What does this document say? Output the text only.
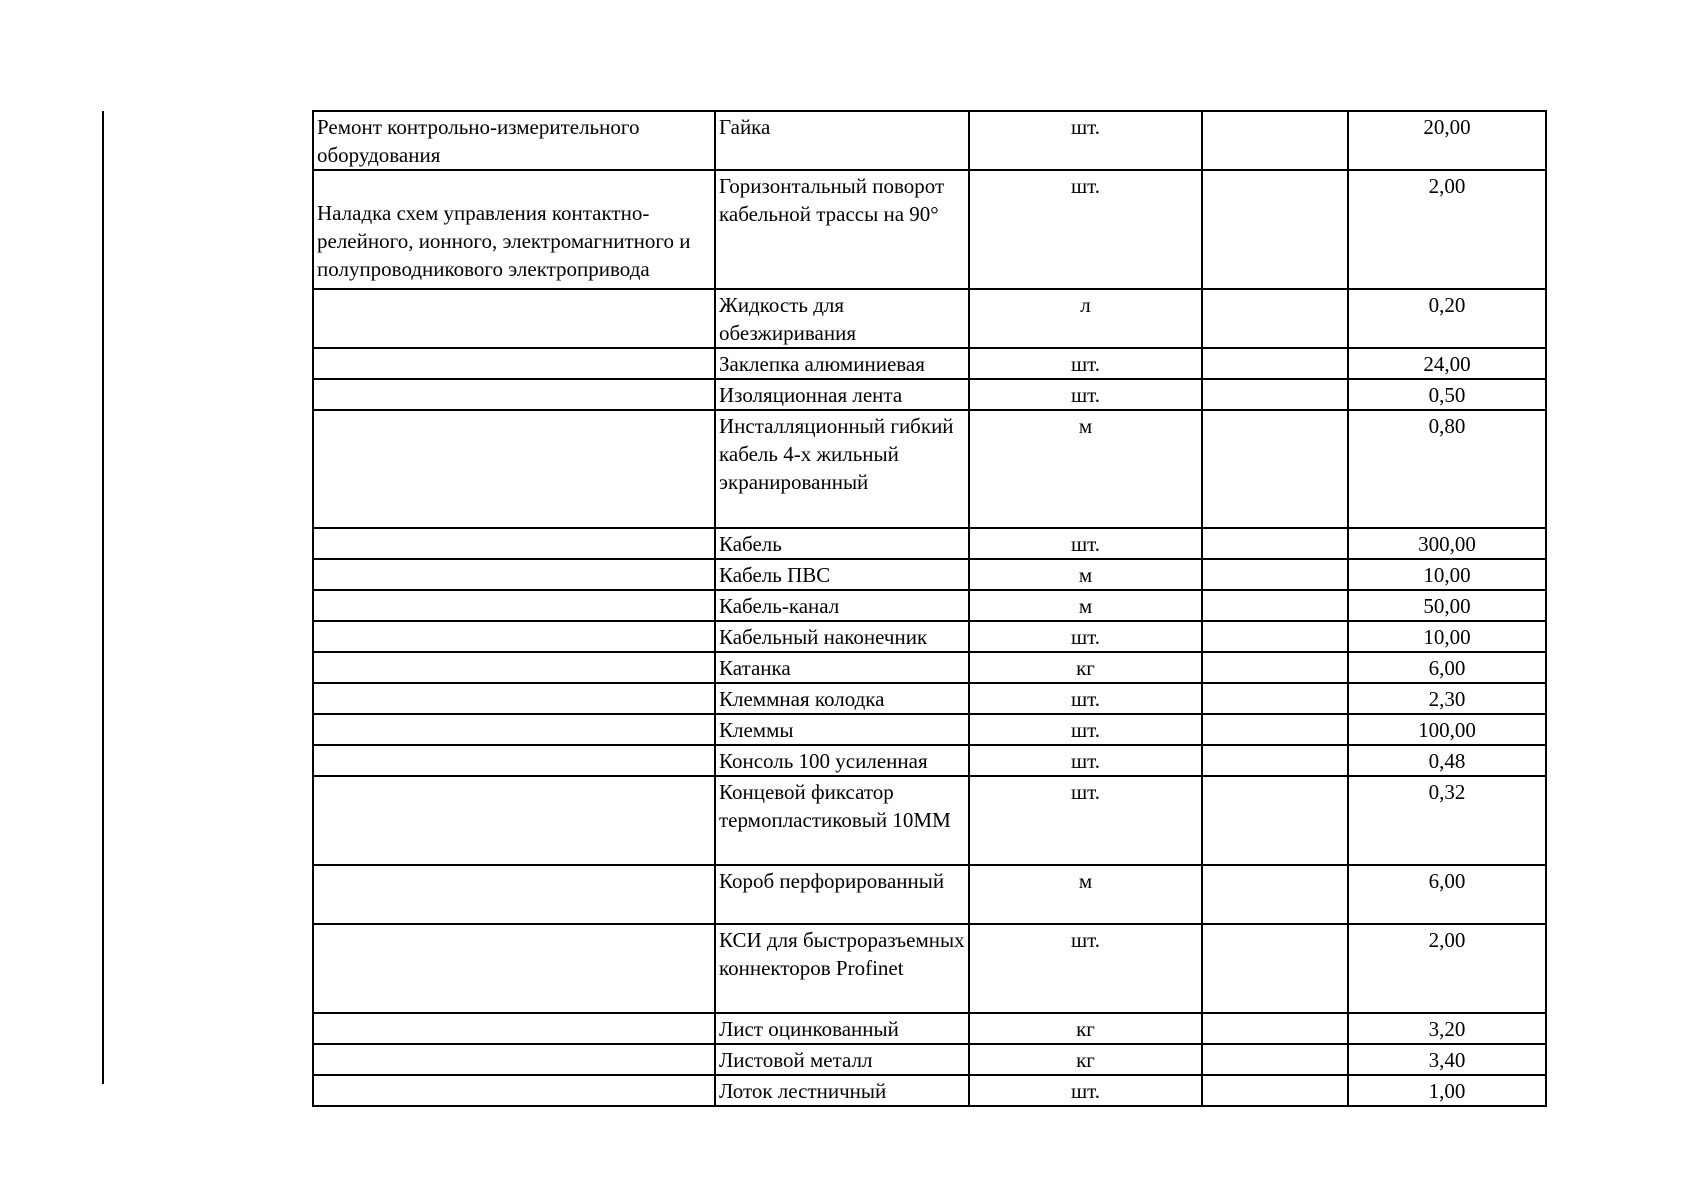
Ремонт контрольно-измерительного оборудования	Гайка	шт.		20,00

Наладка схем управления контактно-релейного, ионного, электромагнитного и полупроводникового электропривода	Горизонтальный поворот кабельной трассы на 90°	шт.		2,00

	Жидкость для обезжиривания	л		0,20

	Заклепка алюминиевая	шт.		24,00

	Изоляционная лента	шт.		0,50

	Инсталляционный гибкий кабель 4-х жильный экранированный	м		0,80

	Кабель	шт.		300,00

	Кабель ПВС	м		10,00

	Кабель-канал	м		50,00

	Кабельный наконечник	шт.		10,00

	Катанка	кг		6,00

	Клеммная колодка	шт.		2,30

	Клеммы	шт.		100,00

	Консоль 100 усиленная	шт.		0,48

	Концевой фиксатор термопластиковый 10ММ	шт.		0,32

	Короб перфорированный	м		6,00

	КСИ для быстроразъемных коннекторов Profinet	шт.		2,00

	Лист оцинкованный	кг		3,20

	Листовой металл	кг		3,40

	Лоток лестничный	шт.		1,00
